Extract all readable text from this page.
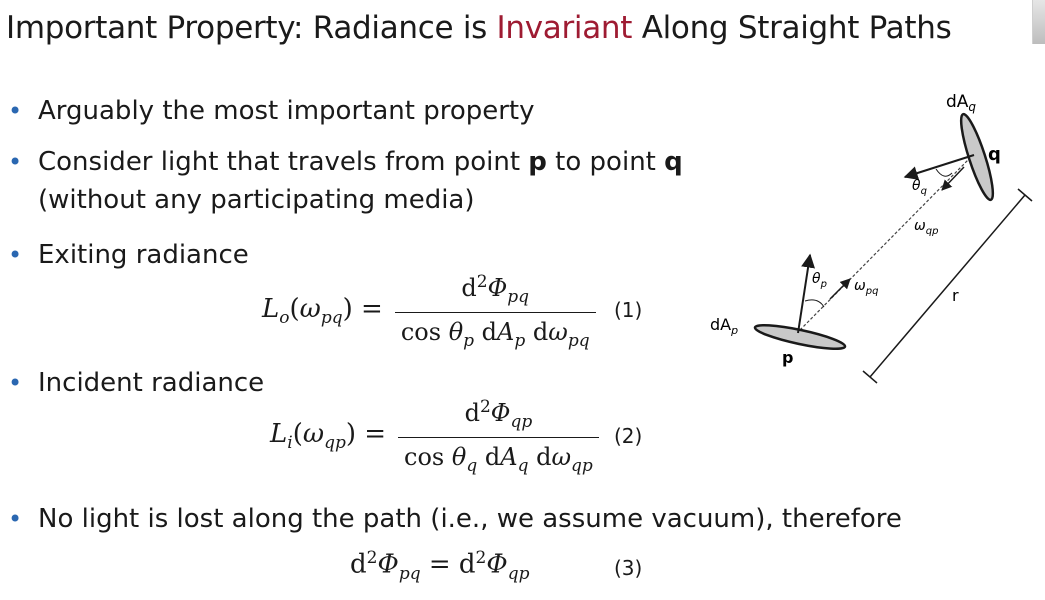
Important Property: Radiance is Invariant Along Straight Paths
• Arguably the most important property
• Consider light that travels from point p to point q
(without any participating media)
• Exiting radiance
$L_o(\omega_{pq}) = \frac{d^2\Phi_{pq}}{\cos \theta_p dA_p d\omega_{pq}} (1)$
• Incident radiance
$L_i(\omega_{qp}) = \frac{d^2\Phi_{qp}}{\cos \theta_q dA_q d\omega_{qp}} (2)$
• No light is lost along the path (i.e., we assume vacuum), therefore
$d^2\Phi_{pq} = d^2\Phi_{qp}$	(3)
$dA_q$
q
$\theta_q$
$\omega_{qp}$
$\theta_p$ $\omega_{pq}$
$dA_p$
p
r
